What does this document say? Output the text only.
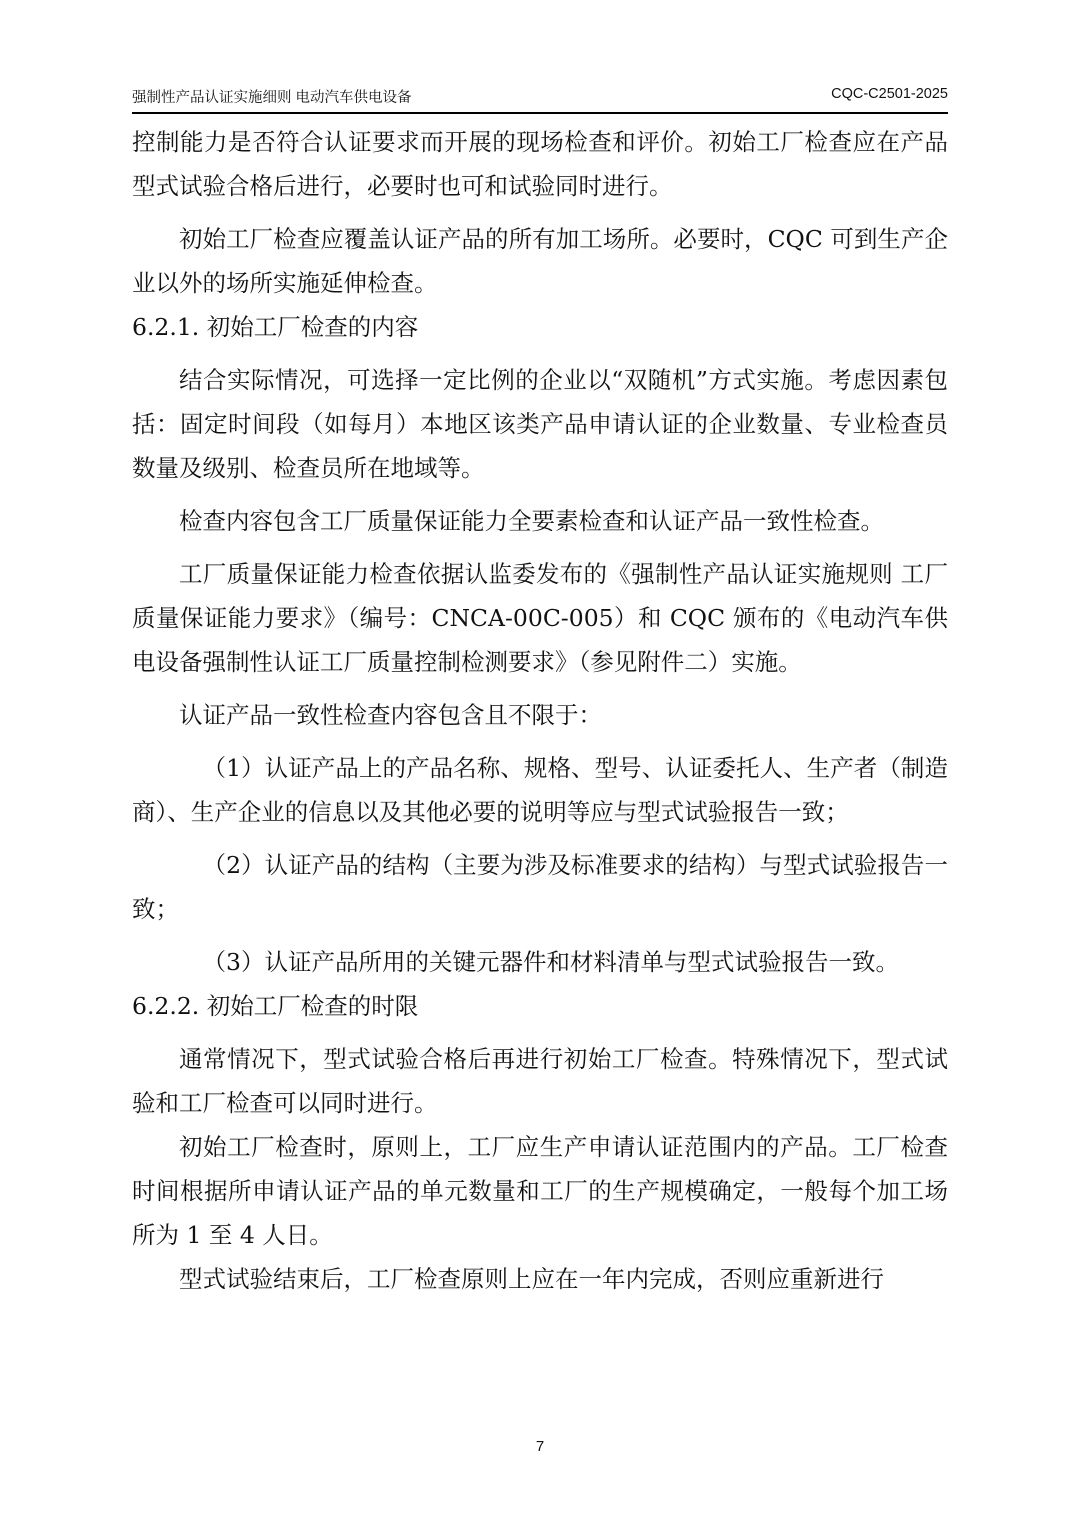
强制性产品认证实施细则 电动汽车供电设备	CQC-C2501-2025

控制能力是否符合认证要求而开展的现场检查和评价。初始工厂检查应在产品型式试验合格后进行，必要时也可和试验同时进行。

初始工厂检查应覆盖认证产品的所有加工场所。必要时，CQC 可到生产企业以外的场所实施延伸检查。

6.2.1. 初始工厂检查的内容

结合实际情况，可选择一定比例的企业以“双随机”方式实施。考虑因素包括：固定时间段（如每月）本地区该类产品申请认证的企业数量、专业检查员数量及级别、检查员所在地域等。

检查内容包含工厂质量保证能力全要素检查和认证产品一致性检查。

工厂质量保证能力检查依据认监委发布的《强制性产品认证实施规则 工厂质量保证能力要求》（编号：CNCA-00C-005）和 CQC 颁布的《电动汽车供电设备强制性认证工厂质量控制检测要求》（参见附件二）实施。

认证产品一致性检查内容包含且不限于：

（1）认证产品上的产品名称、规格、型号、认证委托人、生产者（制造商）、生产企业的信息以及其他必要的说明等应与型式试验报告一致；

（2）认证产品的结构（主要为涉及标准要求的结构）与型式试验报告一致；

（3）认证产品所用的关键元器件和材料清单与型式试验报告一致。

6.2.2. 初始工厂检查的时限

通常情况下，型式试验合格后再进行初始工厂检查。特殊情况下，型式试验和工厂检查可以同时进行。

初始工厂检查时，原则上，工厂应生产申请认证范围内的产品。工厂检查时间根据所申请认证产品的单元数量和工厂的生产规模确定，一般每个加工场所为 1 至 4 人日。

型式试验结束后，工厂检查原则上应在一年内完成，否则应重新进行

7
